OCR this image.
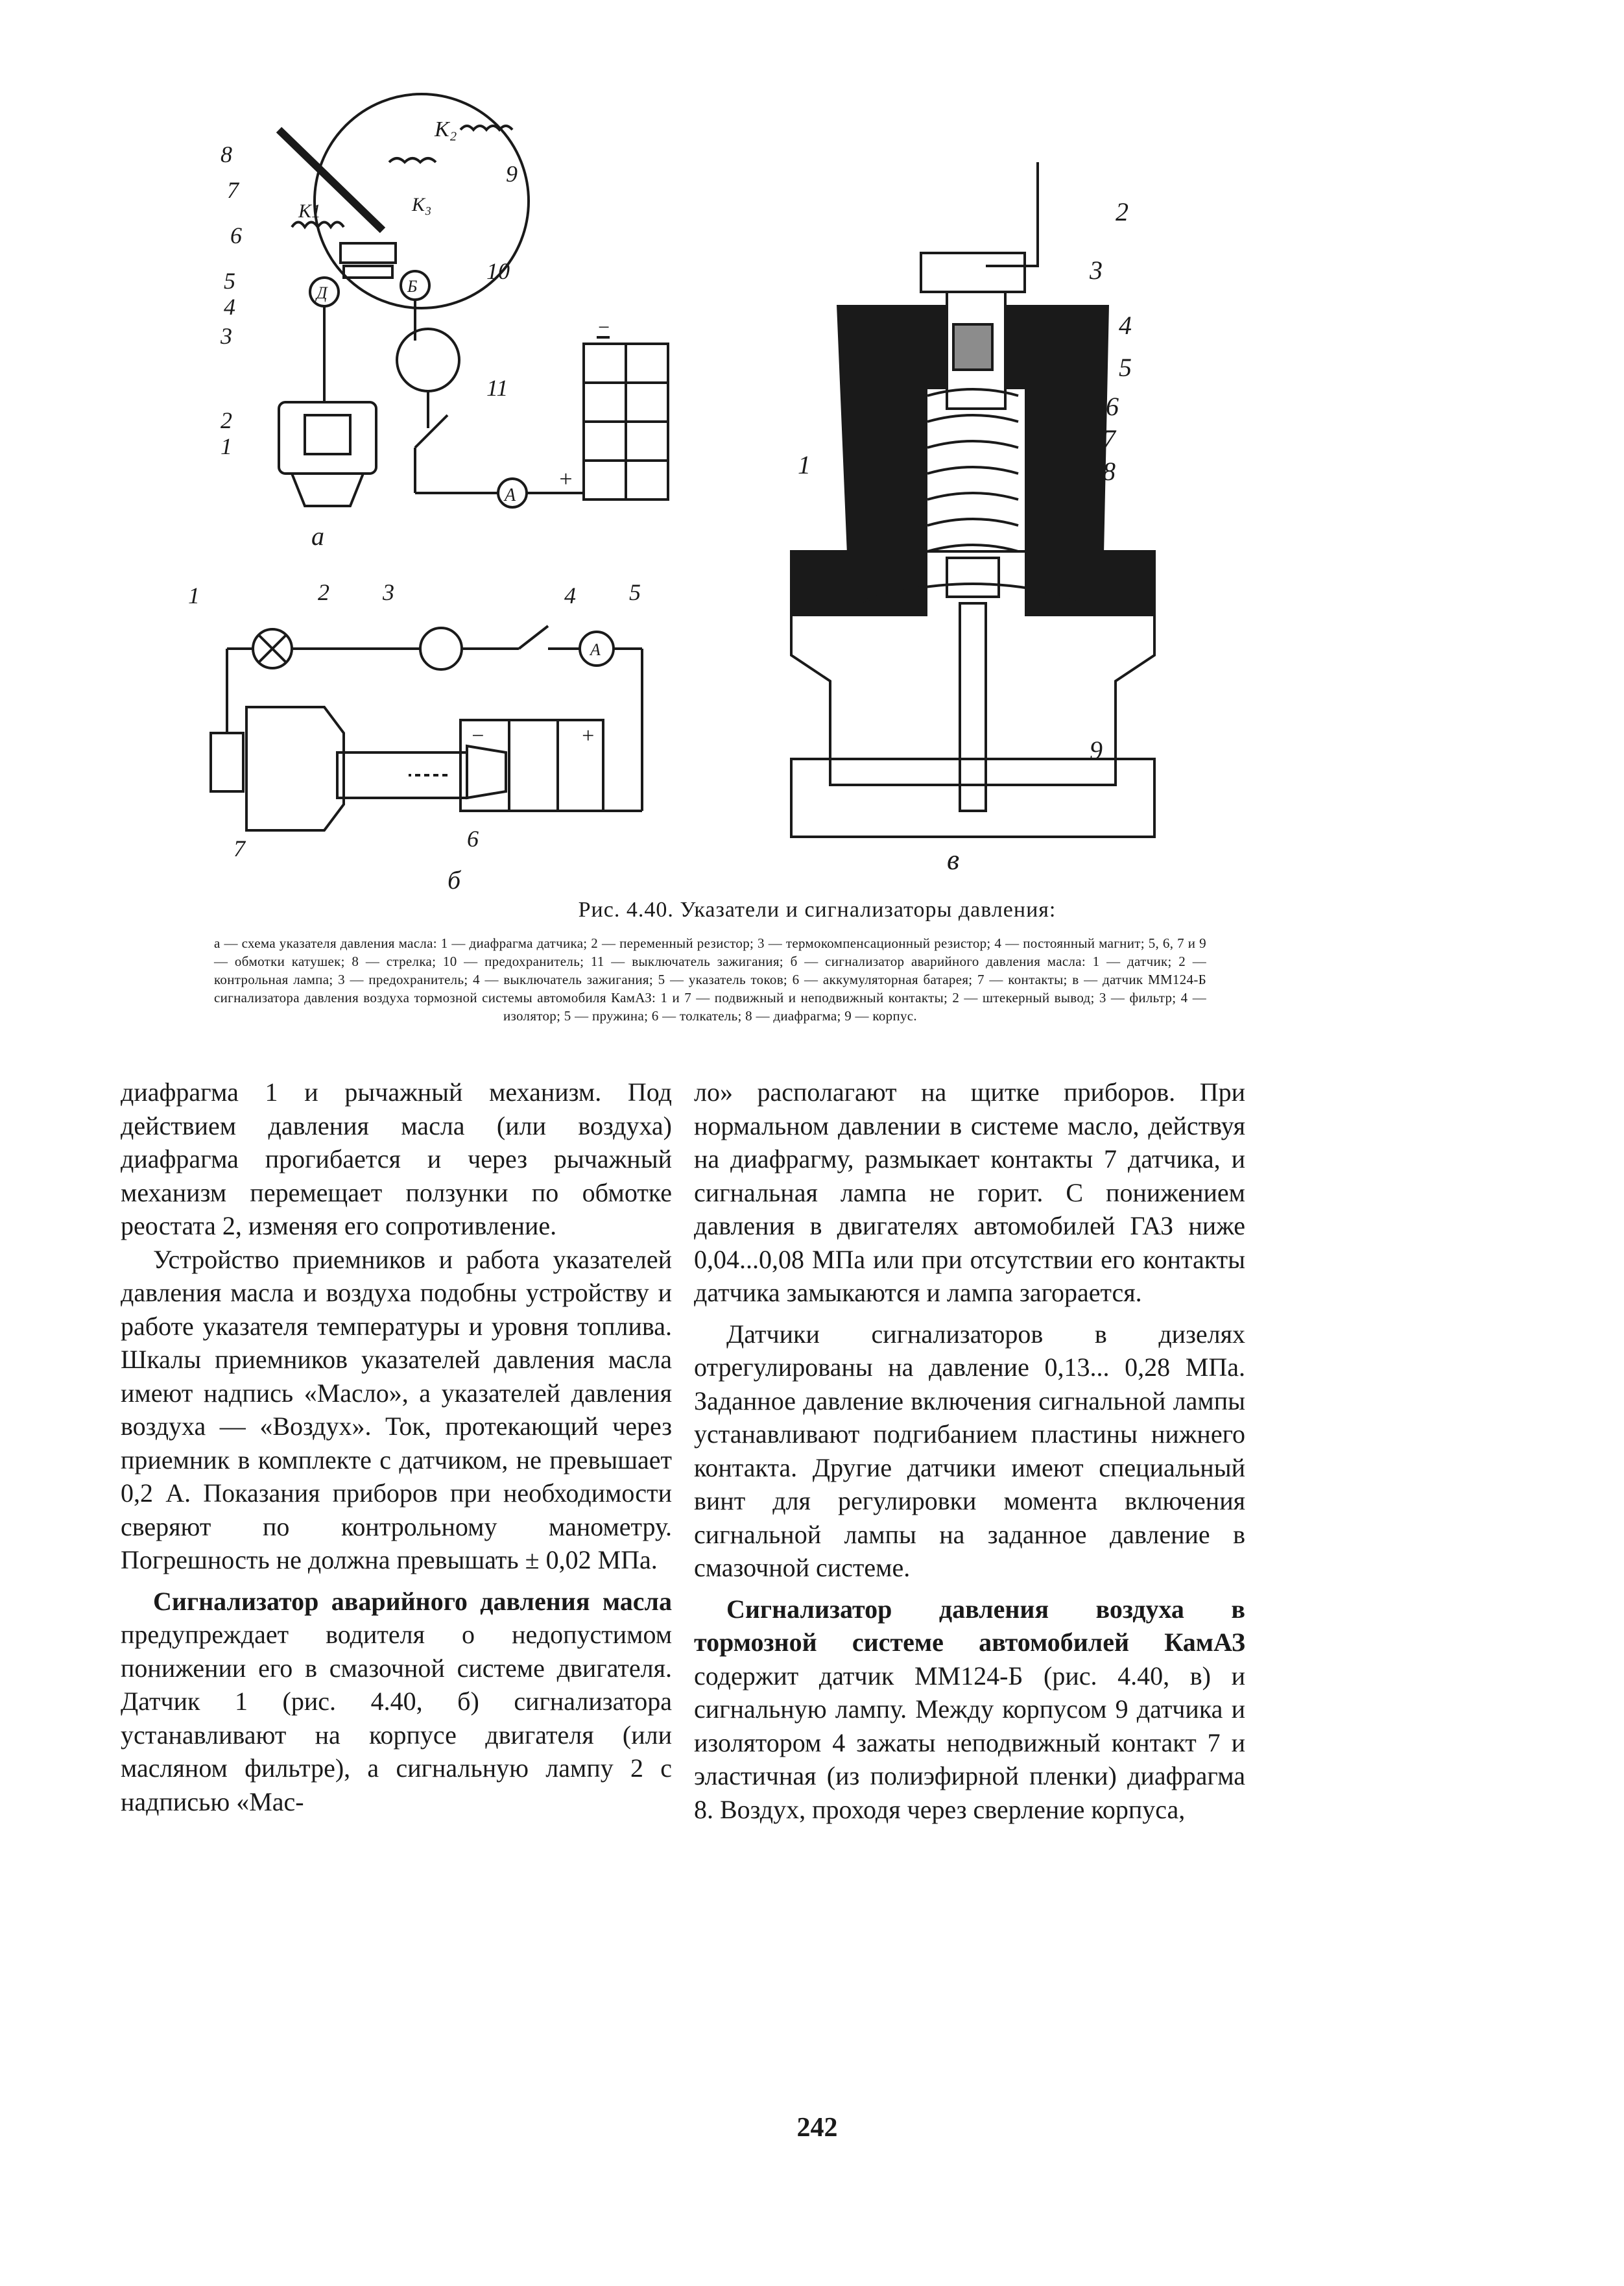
8
7
6
5
4
3
2
1
9
10
11
К₂
К1	К₃
Д	Б
A
+
−
а
1	2 3	4 5
6
7
A
−	+
б
2
3
4
5
6
7
8
1
9
в
Рис. 4.40. Указатели и сигнализаторы давления:
а — схема указателя давления масла: 1 — диафрагма датчика; 2 — переменный резистор; 3 — термокомпенсационный резистор; 4 — постоянный магнит; 5, 6, 7 и 9 — обмотки катушек; 8 — стрелка; 10 — предохранитель; 11 — выключатель зажигания; б — сигнализатор аварийного давления масла: 1 — датчик; 2 — контрольная лампа; 3 — предохранитель; 4 — выключатель зажигания; 5 — указатель токов; 6 — аккумуляторная батарея; 7 — контакты; в — датчик ММ124-Б сигнализатора давления воздуха тормозной системы автомобиля КамАЗ: 1 и 7 — подвижный и неподвижный контакты; 2 — штекерный вывод; 3 — фильтр; 4 — изолятор; 5 — пружина; 6 — толкатель; 8 — диафрагма; 9 — корпус.

диафрагма 1 и рычажный механизм. Под действием давления масла (или воздуха) диафрагма прогибается и через рычажный механизм перемещает ползунки по обмотке реостата 2, изменяя его сопротивление.

Устройство приемников и работа указателей давления масла и воздуха подобны устройству и работе указателя температуры и уровня топлива. Шкалы приемников указателей давления масла имеют надпись «Масло», а указателей давления воздуха — «Воздух». Ток, протекающий через приемник в комплекте с датчиком, не превышает 0,2 А. Показания приборов при необходимости сверяют по контрольному манометру. Погрешность не должна превышать ± 0,02 МПа.

Сигнализатор аварийного давления масла предупреждает водителя о недопустимом понижении его в смазочной системе двигателя. Датчик 1 (рис. 4.40, б) сигнализатора устанавливают на корпусе двигателя (или масляном фильтре), а сигнальную лампу 2 с надписью «Мас-

ло» располагают на щитке приборов. При нормальном давлении в системе масло, действуя на диафрагму, размыкает контакты 7 датчика, и сигнальная лампа не горит. С понижением давления в двигателях автомобилей ГАЗ ниже 0,04...0,08 МПа или при отсутствии его контакты датчика замыкаются и лампа загорается.

Датчики сигнализаторов в дизелях отрегулированы на давление 0,13... 0,28 МПа. Заданное давление включения сигнальной лампы устанавливают подгибанием пластины нижнего контакта. Другие датчики имеют специальный винт для регулировки момента включения сигнальной лампы на заданное давление в смазочной системе.

Сигнализатор давления воздуха в тормозной системе автомобилей КамАЗ содержит датчик ММ124-Б (рис. 4.40, в) и сигнальную лампу. Между корпусом 9 датчика и изолятором 4 зажаты неподвижный контакт 7 и эластичная (из полиэфирной пленки) диафрагма 8. Воздух, проходя через сверление корпуса,

242
